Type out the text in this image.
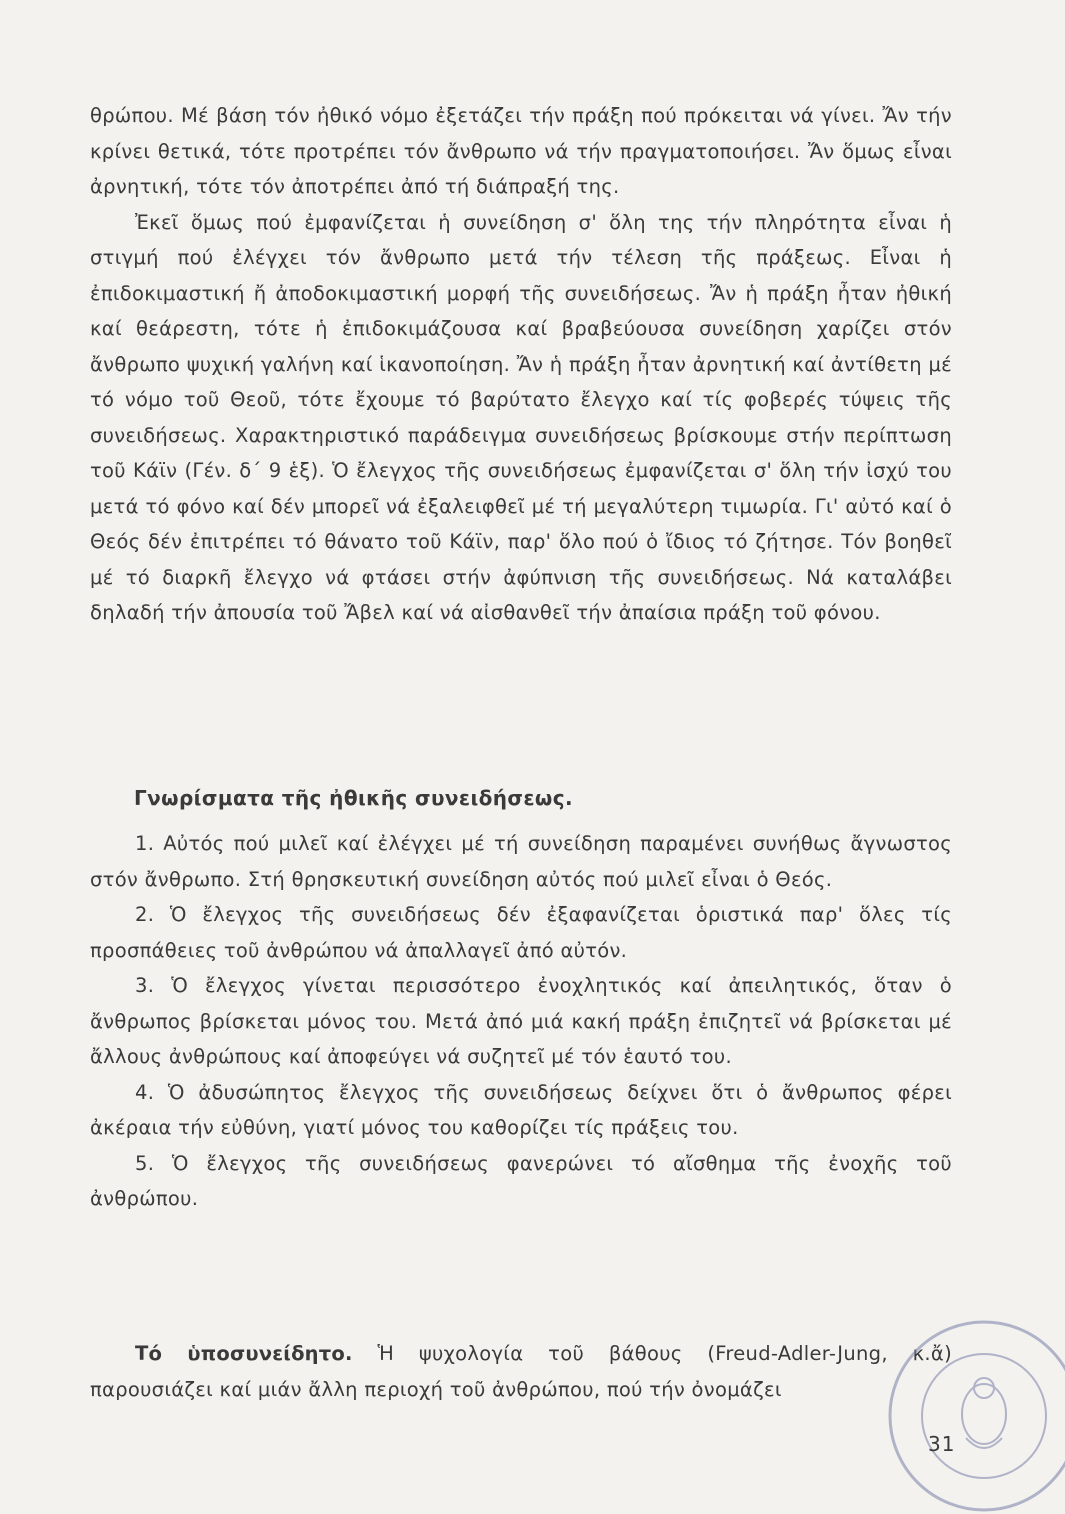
θρώπου. Μέ βάση τόν ἠθικό νόμο ἐξετάζει τήν πράξη πού πρόκειται νά γίνει. Ἄν τήν κρίνει θετικά, τότε προτρέπει τόν ἄνθρωπο νά τήν πραγματοποιήσει. Ἄν ὅμως εἶναι ἀρνητική, τότε τόν ἀποτρέπει ἀπό τή διάπραξή της.

Ἐκεῖ ὅμως πού ἐμφανίζεται ἡ συνείδηση σ' ὅλη της τήν πληρότητα εἶναι ἡ στιγμή πού ἐλέγχει τόν ἄνθρωπο μετά τήν τέλεση τῆς πράξεως. Εἶναι ἡ ἐπιδοκιμαστική ἤ ἀποδοκιμαστική μορφή τῆς συνειδήσεως. Ἄν ἡ πράξη ἦταν ἠθική καί θεάρεστη, τότε ἡ ἐπιδοκιμάζουσα καί βραβεύουσα συνείδηση χαρίζει στόν ἄνθρωπο ψυχική γαλήνη καί ἱκανοποίηση. Ἄν ἡ πράξη ἦταν ἀρνητική καί ἀντίθετη μέ τό νόμο τοῦ Θεοῦ, τότε ἔχουμε τό βαρύτατο ἔλεγχο καί τίς φοβερές τύψεις τῆς συνειδήσεως. Χαρακτηριστικό παράδειγμα συνειδήσεως βρίσκουμε στήν περίπτωση τοῦ Κάϊν (Γέν. δ΄ 9 ἑξ). Ὁ ἔλεγχος τῆς συνειδήσεως ἐμφανίζεται σ' ὅλη τήν ἰσχύ του μετά τό φόνο καί δέν μπορεῖ νά ἐξαλειφθεῖ μέ τή μεγαλύτερη τιμωρία. Γι' αὐτό καί ὁ Θεός δέν ἐπιτρέπει τό θάνατο τοῦ Κάϊν, παρ' ὅλο πού ὁ ἴδιος τό ζήτησε. Τόν βοηθεῖ μέ τό διαρκῆ ἔλεγχο νά φτάσει στήν ἀφύπνιση τῆς συνειδήσεως. Νά καταλάβει δηλαδή τήν ἀπουσία τοῦ Ἄβελ καί νά αἰσθανθεῖ τήν ἀπαίσια πράξη τοῦ φόνου.

Γνωρίσματα τῆς ἠθικῆς συνειδήσεως.

1. Αὐτός πού μιλεῖ καί ἐλέγχει μέ τή συνείδηση παραμένει συνήθως ἄγνωστος στόν ἄνθρωπο. Στή θρησκευτική συνείδηση αὐτός πού μιλεῖ εἶναι ὁ Θεός.

2. Ὁ ἔλεγχος τῆς συνειδήσεως δέν ἐξαφανίζεται ὁριστικά παρ' ὅλες τίς προσπάθειες τοῦ ἀνθρώπου νά ἀπαλλαγεῖ ἀπό αὐτόν.

3. Ὁ ἔλεγχος γίνεται περισσότερο ἐνοχλητικός καί ἀπειλητικός, ὅταν ὁ ἄνθρωπος βρίσκεται μόνος του. Μετά ἀπό μιά κακή πράξη ἐπιζητεῖ νά βρίσκεται μέ ἄλλους ἀνθρώπους καί ἀποφεύγει νά συζητεῖ μέ τόν ἑαυτό του.

4. Ὁ ἀδυσώπητος ἔλεγχος τῆς συνειδήσεως δείχνει ὅτι ὁ ἄνθρωπος φέρει ἀκέραια τήν εὐθύνη, γιατί μόνος του καθορίζει τίς πράξεις του.

5. Ὁ ἔλεγχος τῆς συνειδήσεως φανερώνει τό αἴσθημα τῆς ἐνοχῆς τοῦ ἀνθρώπου.

Τό ὑποσυνείδητο. Ἡ ψυχολογία τοῦ βάθους (Freud-Adler-Jung, κ.ἄ) παρουσιάζει καί μιάν ἄλλη περιοχή τοῦ ἀνθρώπου, πού τήν ὀνομάζει

31
